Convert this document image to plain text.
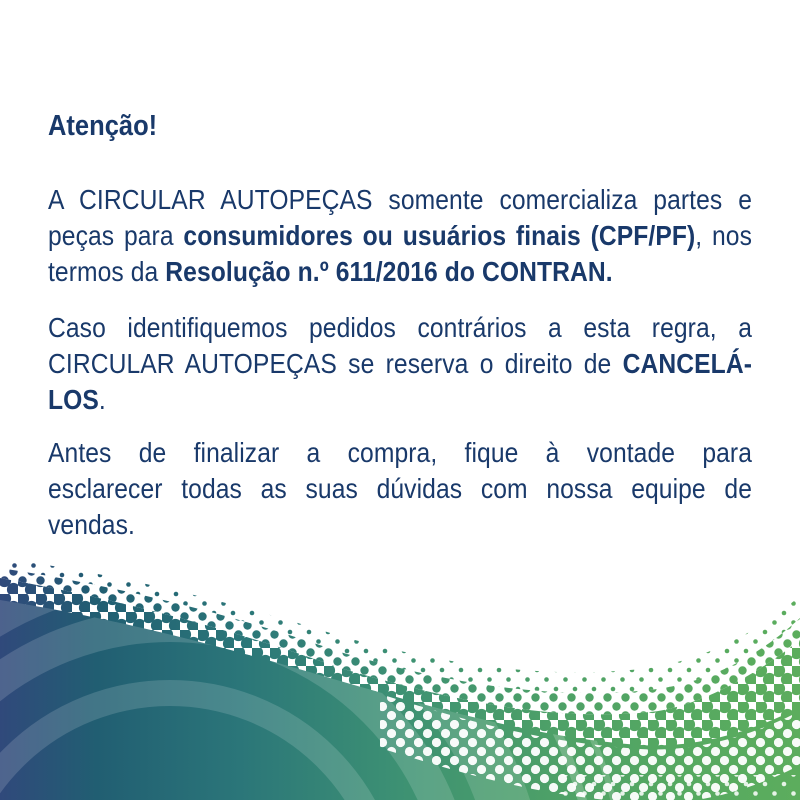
Atenção!
A CIRCULAR AUTOPEÇAS somente comercializa partes e
peças para consumidores ou usuários finais (CPF/PF), nos
termos da Resolução n.º 611/2016 do CONTRAN.
Caso identifiquemos pedidos contrários a esta regra, a
CIRCULAR AUTOPEÇAS se reserva o direito de CANCELÁ-
LOS.
Antes de finalizar a compra, fique à vontade para
esclarecer todas as suas dúvidas com nossa equipe de
vendas.
